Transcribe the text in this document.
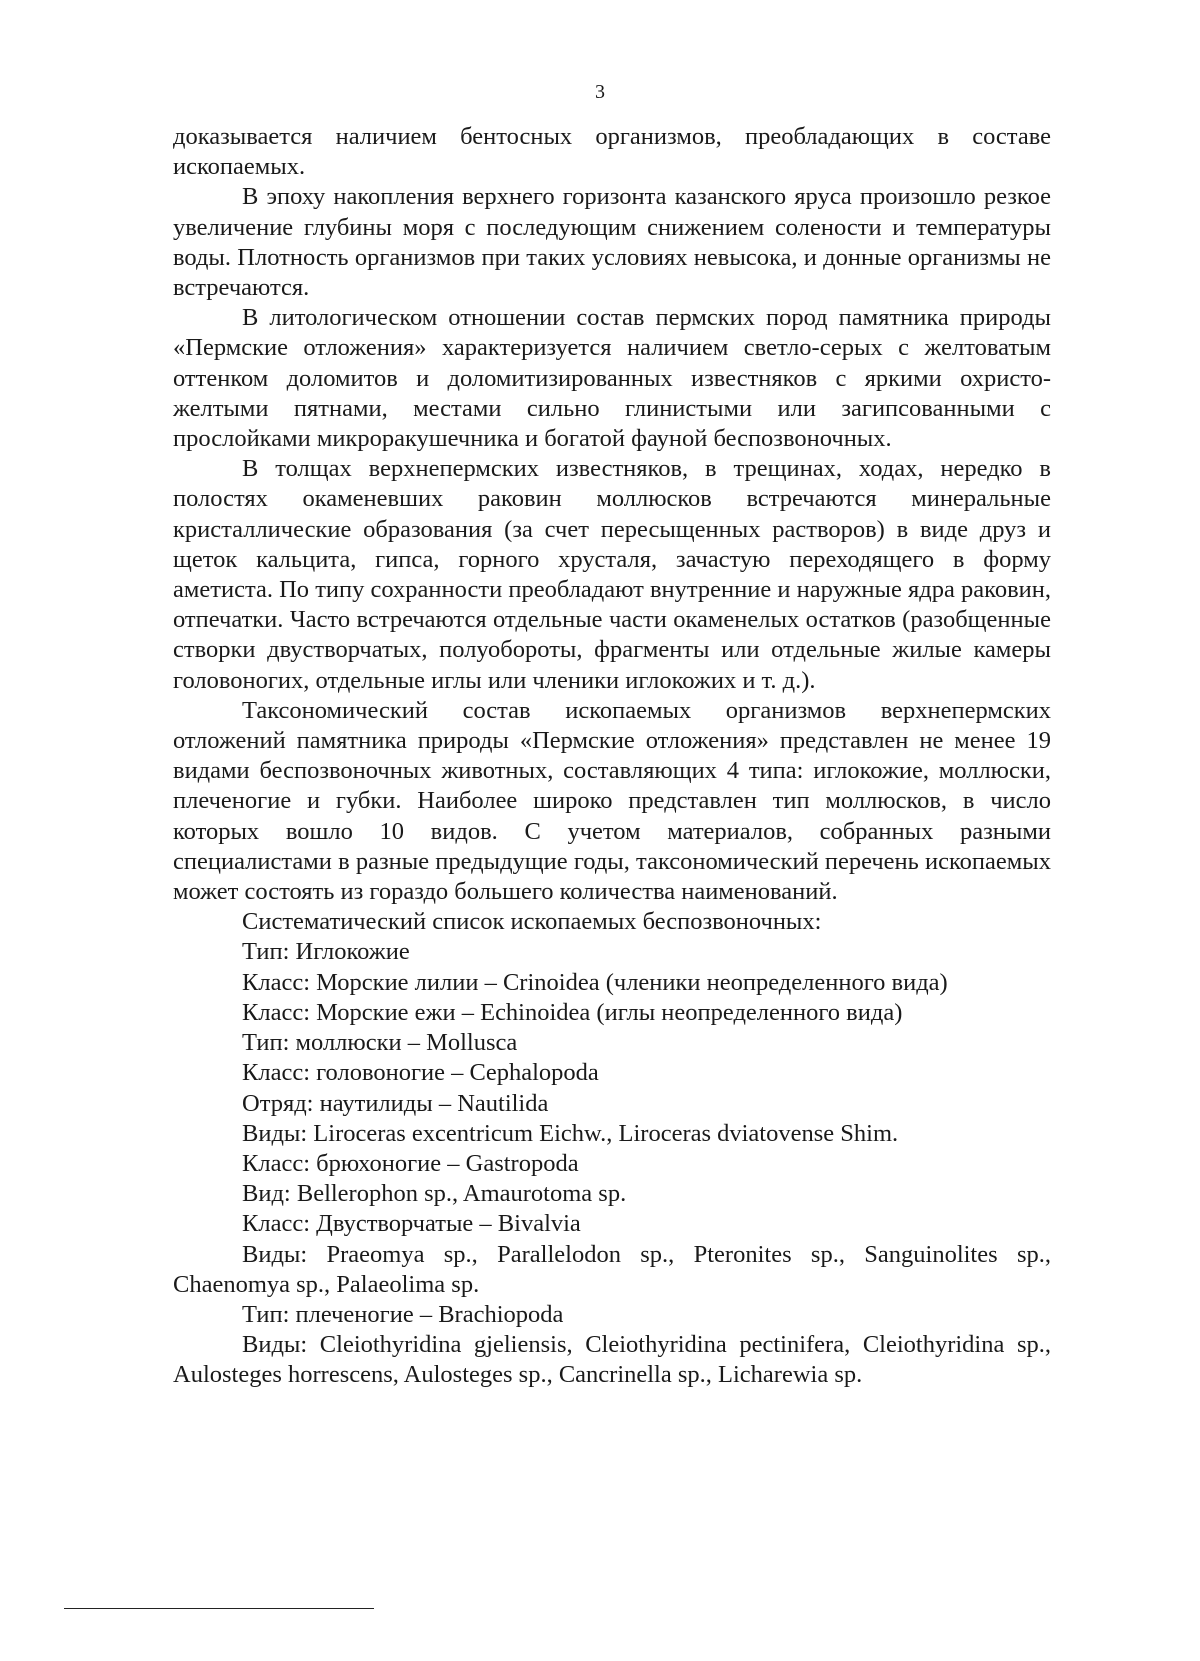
3

доказывается наличием бентосных организмов, преобладающих в составе ископаемых.

В эпоху накопления верхнего горизонта казанского яруса произошло резкое увеличение глубины моря с последующим снижением солености и температуры воды. Плотность организмов при таких условиях невысока, и донные организмы не встречаются.

В литологическом отношении состав пермских пород памятника природы «Пермские отложения» характеризуется наличием светло-серых с желтоватым оттенком доломитов и доломитизированных известняков с яркими охристо-желтыми пятнами, местами сильно глинистыми или загипсованными с прослойками микроракушечника и богатой фауной беспозвоночных.

В толщах верхнепермских известняков, в трещинах, ходах, нередко в полостях окаменевших раковин моллюсков встречаются минеральные кристаллические образования (за счет пересыщенных растворов) в виде друз и щеток кальцита, гипса, горного хрусталя, зачастую переходящего в форму аметиста. По типу сохранности преобладают внутренние и наружные ядра раковин, отпечатки. Часто встречаются отдельные части окаменелых остатков (разобщенные створки двустворчатых, полуобороты, фрагменты или отдельные жилые камеры головоногих, отдельные иглы или членики иглокожих и т. д.).

Таксономический состав ископаемых организмов верхнепермских отложений памятника природы «Пермские отложения» представлен не менее 19 видами беспозвоночных животных, составляющих 4 типа: иглокожие, моллюски, плеченогие и губки. Наиболее широко представлен тип моллюсков, в число которых вошло 10 видов. С учетом материалов, собранных разными специалистами в разные предыдущие годы, таксономический перечень ископаемых может состоять из гораздо большего количества наименований.

Систематический список ископаемых беспозвоночных:

Тип: Иглокожие

Класс: Морские лилии – Crinoidea (членики неопределенного вида)

Класс: Морские ежи – Echinoidea (иглы неопределенного вида)

Тип: моллюски – Mollusca

Класс: головоногие – Cephalopoda

Отряд: наутилиды – Nautilida

Виды: Liroceras excentricum Eichw., Liroceras dviatovense Shim.

Класс: брюхоногие – Gastropoda

Вид: Bellerophon sp., Amaurotoma sp.

Класс: Двустворчатые – Bivalvia

Виды: Praeomya sp., Parallelodon sp., Pteronites sp., Sanguinolites sp., Chaenomya sp., Palaeolima sp.

Тип: плеченогие – Brachiopoda

Виды: Cleiothyridina gjeliensis, Cleiothyridina pectinifera, Cleiothyridina sp., Aulosteges horrescens, Aulosteges sp., Cancrinella sp., Licharewia sp.
